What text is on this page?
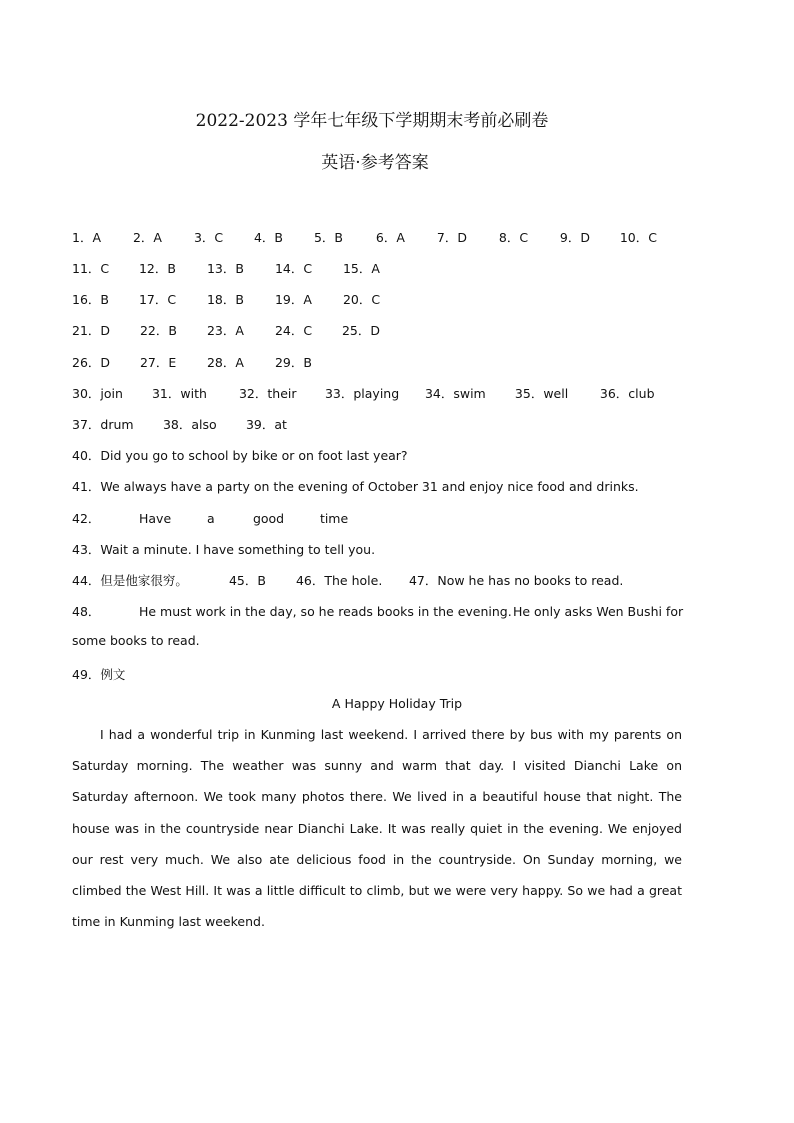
2022-2023 学年七年级下学期期末考前必刷卷
英语·参考答案
1．A	2．A	3．C 4．B 5．B	6．A	7．D	8．C	9．D 10．C
11．C 12．B 13．B 14．C 15．A
16．B 17．C 18．B 19．A 20．C
21．D 22．B 23．A 24．C 25．D
26．D 27．E 28．A 29．B
30．join 31．with	32．their 33．playing 34．swim 35．well	36．club
37．drum 38．also 39．at
40．Did you go to school by bike or on foot last year?
41．We always have a party on the evening of October 31 and enjoy nice food and drinks.
42．	Have	a	good	time
43．Wait a minute. I have something to tell you.
44．但是他家很穷。	45．B 46．The hole. 47．Now he has no books to read.
48．	He must work in the day, so he reads books in the evening. He only asks Wen Bushi for
some books to read.
49．例文
A Happy Holiday Trip
I had a wonderful trip in Kunming last weekend. I arrived there by bus with my parents on Saturday morning. The weather was sunny and warm that day. I visited Dianchi Lake on Saturday afternoon. We took many photos there. We lived in a beautiful house that night. The house was in the countryside near Dianchi Lake. It was really quiet in the evening. We enjoyed our rest very much. We also ate delicious food in the countryside. On Sunday morning, we climbed the West Hill. It was a little difficult to climb, but we were very happy. So we had a great time in Kunming last weekend.
